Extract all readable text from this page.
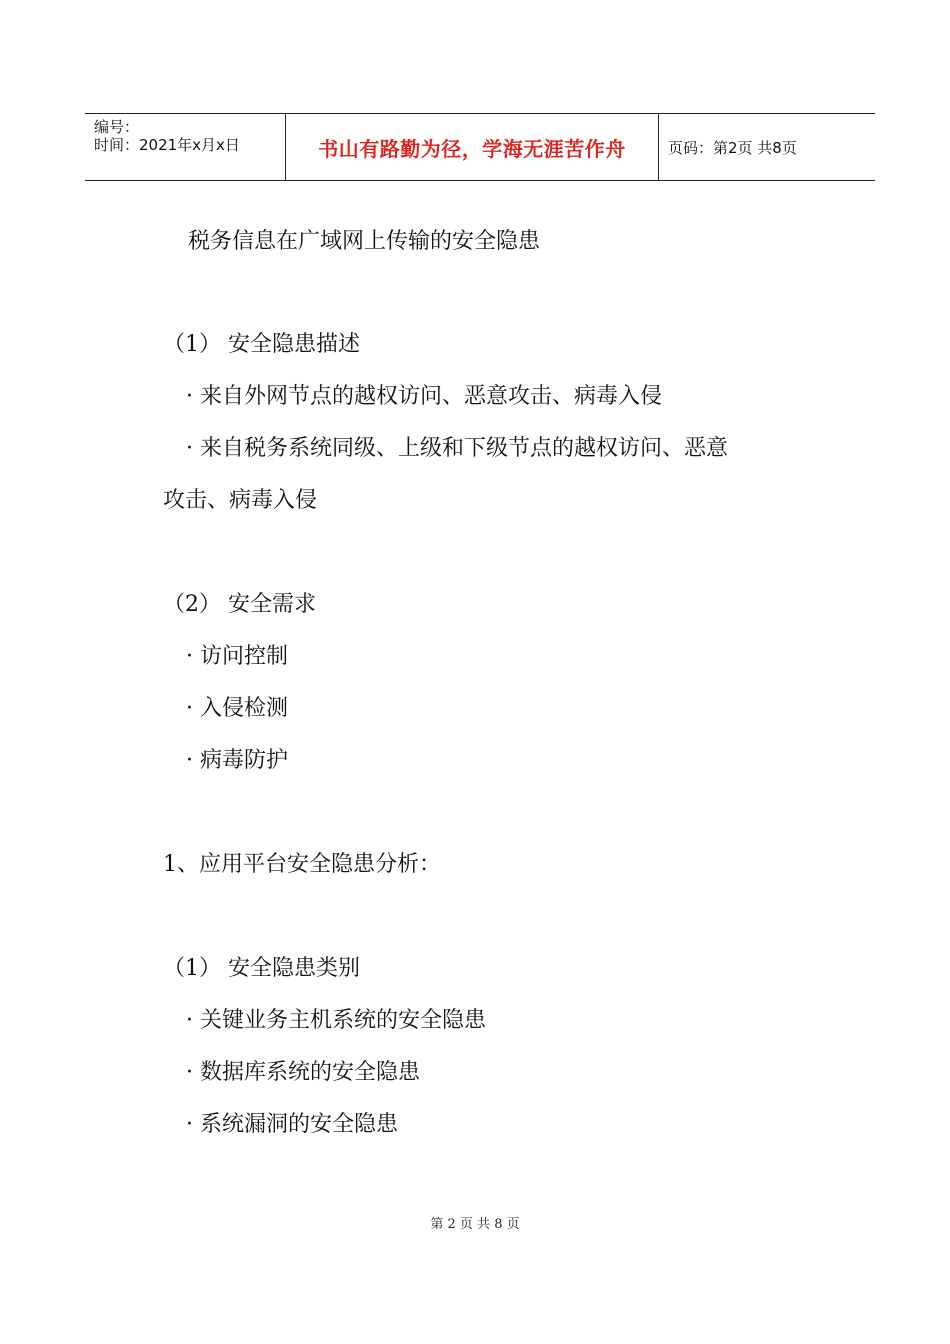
编号：
时间：2021年x月x日	书山有路勤为径，学海无涯苦作舟	页码：第2页 共8页
税务信息在广域网上传输的安全隐患
（1） 安全隐患描述
· 来自外网节点的越权访问、恶意攻击、病毒入侵
· 来自税务系统同级、上级和下级节点的越权访问、恶意
攻击、病毒入侵
（2） 安全需求
· 访问控制
· 入侵检测
· 病毒防护
1、应用平台安全隐患分析：
（1） 安全隐患类别
· 关键业务主机系统的安全隐患
· 数据库系统的安全隐患
· 系统漏洞的安全隐患
第 2 页 共 8 页
